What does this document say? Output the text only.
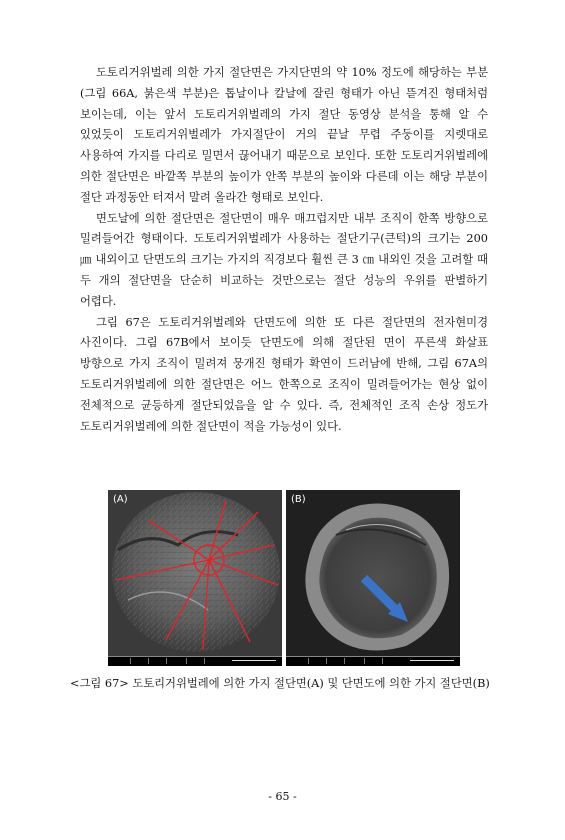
도토리거위벌레 의한 가지 절단면은 가지단면의 약 10% 정도에 해당하는 부분(그림 66A, 붉은색 부분)은 톱날이나 칼날에 잘린 형태가 아닌 뜯겨진 형태처럼 보이는데, 이는 앞서 도토리거위벌레의 가지 절단 동영상 분석을 통해 알 수 있었듯이 도토리거위벌레가 가지절단이 거의 끝날 무렵 주둥이를 지렛대로 사용하여 가지를 다리로 밀면서 끊어내기 때문으로 보인다. 또한 도토리거위벌레에 의한 절단면은 바깥쪽 부분의 높이가 안쪽 부분의 높이와 다른데 이는 해당 부분이 절단 과정동안 터져서 말려 올라간 형태로 보인다.

면도날에 의한 절단면은 절단면이 매우 매끄럽지만 내부 조직이 한쪽 방향으로 밀려들어간 형태이다. 도토리거위벌레가 사용하는 절단기구(큰턱)의 크기는 200 ㎛ 내외이고 단면도의 크기는 가지의 직경보다 훨씬 큰 3 ㎝ 내외인 것을 고려할 때 두 개의 절단면을 단순히 비교하는 것만으로는 절단 성능의 우위를 판별하기 어렵다.

그림 67은 도토리거위벌레와 단면도에 의한 또 다른 절단면의 전자현미경 사진이다. 그림 67B에서 보이듯 단면도에 의해 절단된 면이 푸른색 화살표 방향으로 가지 조직이 밀려져 뭉개진 형태가 확연이 드러남에 반해, 그림 67A의 도토리거위벌레에 의한 절단면은 어느 한쪽으로 조직이 밀려들어가는 현상 없이 전체적으로 균등하게 절단되었음을 알 수 있다. 즉, 전체적인 조직 손상 정도가 도토리거위벌레에 의한 절단면이 적을 가능성이 있다.

(A)	(B)
<그림 67> 도토리거위벌레에 의한 가지 절단면(A) 및 단면도에 의한 가지 절단면(B)
- 65 -
